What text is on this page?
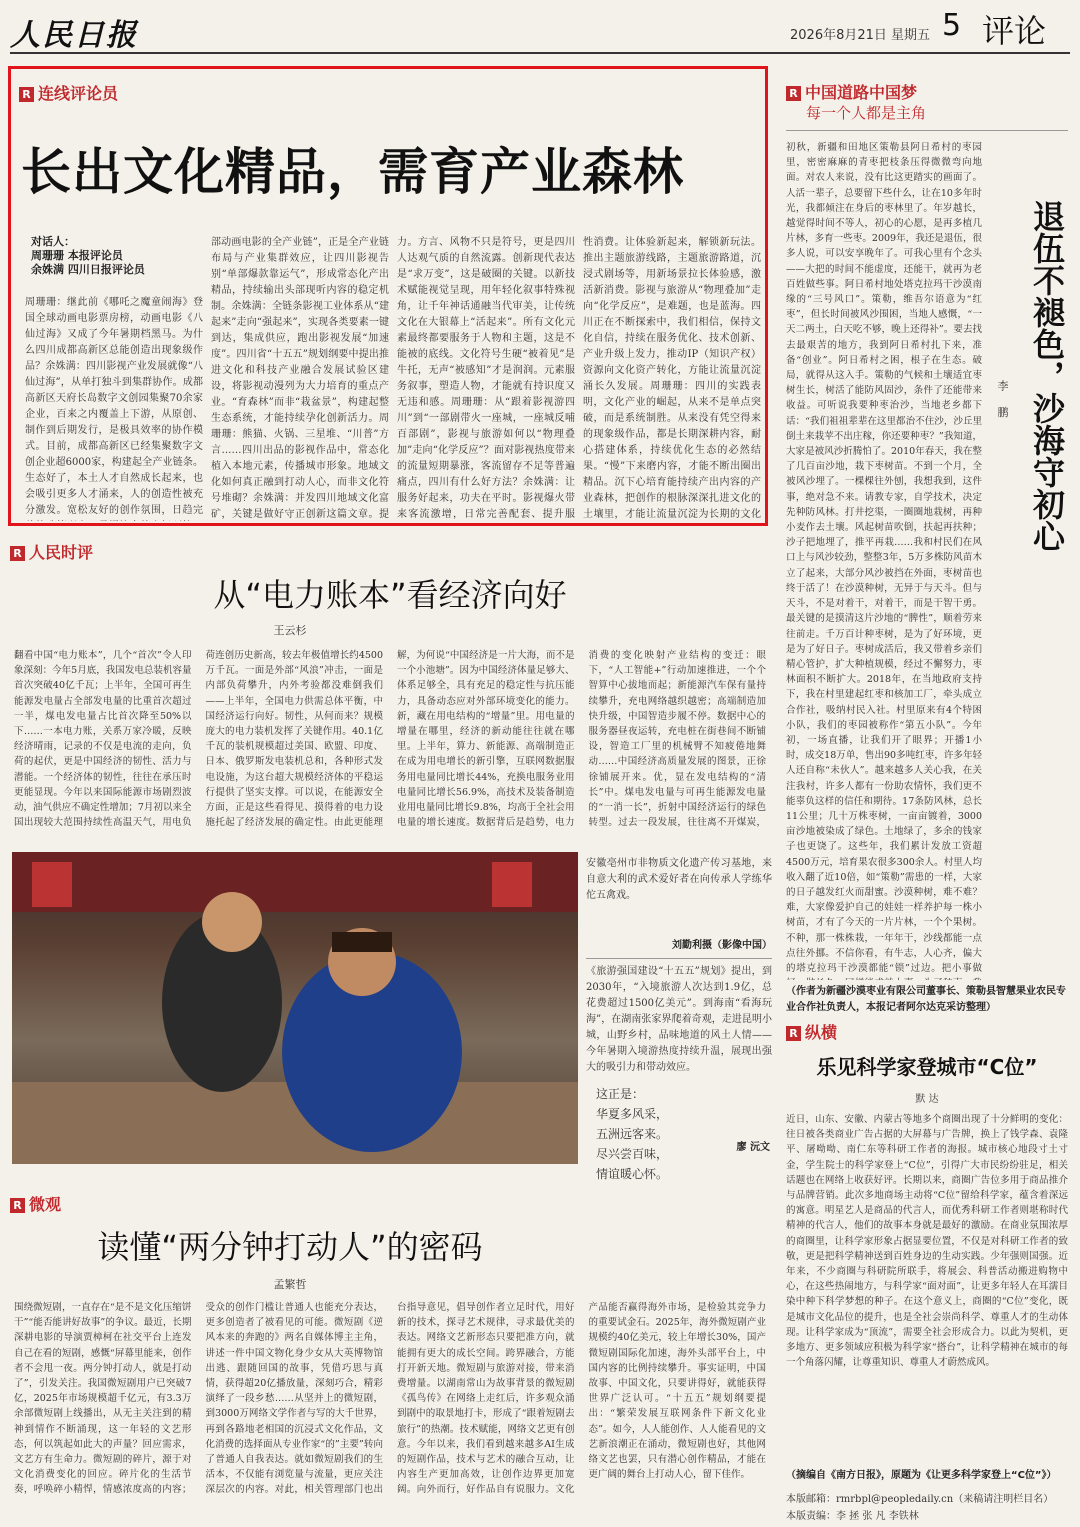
人民日报	2026年8月21日 星期五 5 评论
R 连线评论员
长出文化精品，需育产业森林
对话人：
周珊珊 本报评论员
余姝满 四川日报评论员
周珊珊：继此前《哪吒之魔童闹海》登国全球动画电影票房榜，动画电影《八仙过海》又成了今年暑期档黑马。为什么四川成都高新区总能创造出现象级作品？余姝满：四川影视产业发展就像“八仙过海”，从单打独斗到集群协作。成都高新区天府长岛数字文创园集聚70余家企业，百来之内覆盖上下游，从原创、制作到后期发行，是极具效率的协作模式。目前，成都高新区已经集聚数字文创企业超6000家，构建起全产业链条。生态好了，本土人才自然成长起来，也会吸引更多人才涌来，人的创造性被充分激发。宽松友好的创作氛围，日趋完
部动画电影的全产业链”，正是全产业链布局与产业集群效应，让四川影视告别“单部爆款靠运气”，形成常态化产出精品，持续输出头部现听内容的稳定机制。余姝满：全链条影视工业体系从“建起来”走向“强起来”，实现各类要素一键到达，集成供应，跑出影视发展“加速度”。四川省“十五五”规划纲要中提出推进文化和科技产业融合发展试验区建设，将影视动漫列为大力培育的重点产业。“育森林”而非“栽盆景”，构建起整生态系统，才能持续孕化创新活力。周珊珊：熊猫、火锅、三星堆、“川普”方言……四川出品的影视作品中，常态化植入本地元素，传播城市形象。地域文化如何真正融到打动人心，而非文化符号堆砌？余姝满：并发四川地域文化富矿，关键是做好守正创新这篇文章。提
力。方言、风物不只是符号，更是四川人达观气质的自然流露。创新现代表达是“求万变”，这是破圈的关键。以新技术赋能视觉呈现，用年轻化叙事特殊视角，让千年神话通融当代审美，让传统文化在大银幕上“活起来”。所有文化元素最终都要服务于人物和主题，这是不能被的底线。文化符号生硬“被着见”是牛托，无声“被感知”才是润润。元素服务叙事，塑造人物，才能就有持识度又无违和感。周珊珊：从“跟着影视游四川”到“一部剧带火一座城，一座城反哺百部剧”，影视与旅游如何以“物理叠加”走向“化学反应”？面对影视热度带来的流量短期暴涨，客流留存不足等普遍痛点，四川有什么好方法？余姝满：让服务好起来，功夫在平时。影视爆火带来客流激增，日常完善配套、提升服
性消费。让体验新起来，解锁新玩法。推出主题旅游线路，主题旅游路道，沉浸式剧场等，用新场景拉长体验感，激活新消费。影视与旅游从“物理叠加”走向“化学反应”，是难题，也是蓝海。四川正在不断探索中，我们相信，保持文化自信，持续在服务优化、技术创新、产业升级上发力，推动IP（知识产权）资源向文化资产转化，方能让流量沉淀涌长久发展。周珊珊：四川的实践表明，文化产业的崛起，从来不是单点突破，而是系统制胜。从来没有凭空得来的现象级作品，都是长期深耕内容，耐心搭建体系，持续优化生态的必然结果。“慢”下来磨内容，才能不断出圈出精品。沉下心培育能持续产出内容的产业森林，把创作的根脉深深扎进文化的土壤里，才能让流量沉淀为长期的文化
R 中国道路中国梦
每一个人都是主角
退伍不褪色，沙海守初心
李 鹏
初秋，新疆和田地区策勒县阿日希村的枣园里，密密麻麻的青枣把枝条压得微微弯向地面。对农人来说，没有比这更踏实的画面了。人活一辈子，总要留下些什么，让在10多年时光，我都倾注在身后的枣林里了。年岁越长，越觉得时间不等人，初心的心愿，是再多植几片林，多育一些枣。2009年，我还是退伍，很多人说，可以安享晚年了。可我心里有个念头——大把的时间不能虚度，还能干，就再为老百姓做些事。阿日希村地处塔克拉玛干沙漠南缘的“三号风口”。策勒，维吾尔语意为“红枣”，但长时间被风沙围困，当地人感慨，“一天二两土，白天吃不够，晚上还得补”。要去找去最艰苦的地方，我到阿日希村扎下来，准备“创业”。阿日希村之困，根子在生态。破局，就得从这入手。策勒的气候和土壤适宜枣树生长，树活了能防风固沙，条件了还能带来收益。可听说我要种枣治沙，当地老乡都下话：“我们祖祖辈辈在这里都治不住沙，沙丘里倒土来栽苹不出庄稼，你还要种枣？”我知道，大家是被风沙折腾怕了。2010年春天，我在整了几百亩沙地，栽下枣树苗。不到一个月，全被风沙埋了。一棵棵往外刨，我想我到，这件事，绝对急不来。请教专家，自学技术，决定先种防风林。打井挖渠，一圈圈地栽树，再种小麦作去土壤。风起树苗吹倒，扶起再扶种；沙子把地埋了，推平再栽……我和村民们在风口上与风沙较劲，整整3年，5万多株防风苗木立了起来，大部分风沙被挡在外面，枣树苗也终于活了！在沙漠种树，无异于与天斗。但与天斗，不是对着干，对着干，而是干智干勇。最关键的是摸清这片沙地的“脾性”，顺着劳来往前走。千万百计种枣树，是为了好环境，更是为了好日子。枣树成活后，我又带着乡亲们精心管护，扩大种植规模，经过不懈努力，枣林面积不断扩大。2018年，在当地政府支持下，我在村里建起红枣和核加工厂，牵头成立合作社，吸纳村民入社。村里原来有4个特困小队，我们的枣园被称作“第五小队”。今年初，一场直播，让我们开了眼界；开播1小时，成交18万单，售出90多吨红枣，许多年轻人还自称“未伙人”。越来越多人关心我，在关注我村，许多人都有一份助农情怀，我们更不能辜负这样的信任和期待。17条防风林，总长11公里；几十万株枣树，一亩亩镀着，3000亩沙地被染成了绿色。土地绿了，多余的钱家子也更饶了。这些年，我们累计发放工资超4500万元，培育果农很多300余人。村里人均收入翻了近10倍，如“策勒”需患的一样，大家的日子越发红火而甜蜜。沙漠种树，难不难？难，大家像爱护自己的娃娃一样养护每一株小树苗，才有了今天的一片片林，一个个果树。不种，那一株株栽，一年年干，沙线都能一点点往外挪。不信你看，有牛志，人心齐，偏大的塔克拉玛干沙漠都能“锁”过边。把小事做
（作者为新疆沙漠枣业有限公司董事长、策勒县智慧果业农民专业合作社负责人，本报记者阿尔达克采访整理）
R 人民时评
从“电力账本”看经济向好
王云杉
翻看中国“电力账本”，几个“首次”令人印象深刻：今年5月底，我国发电总装机容量首次突破40亿千瓦；上半年，全国可再生能源发电量占全部发电量的比重首次超过一半，煤电发电量占比首次降至50%以下……一本电力账，关系万家冷暖，反映经济晴雨，记录的不仅是电流的走向，负荷的起伏，更是中国经济的韧性、活力与潜能。一个经济体的韧性，往往在承压时更能显现。今年以来国际能源市场剧烈波动，油气供应不确定性增加；7月初以来全国出现较大范围持续性高温天气，用电负荷连创历史新高，较去年极值增长约4500万千瓦。一面是外部“风浪”冲击，一面是内部负荷攀升，内外考验都没难倒我们——上半年，全国电力供需总体平衡，中国经济运行向好。韧性，从何而来？规模庞大的电力装机发挥了关键作用。40.1亿千瓦的装机规模超过美国、欧盟、印度、日本、俄罗斯发电装机总和，各种形式发电设施，为这台超大规模经济体的平稳运行提供了坚实支撑。可以说，在能源安全方面，正是这些看得见、摸得着的电力设施托起了经济发展的确定性。由此更能理解，为何说“中国经济是一片大海，而不是一个小池塘”。因为中国经济体量足够大、体系足够全，具有充足的稳定性与抗压能力，具备动态应对外部环境变化的能力。新，藏在用电结构的“增量”里。用电量的增量在哪里，经济的新动能往往就在哪里。上半年，算力、新能源、高端制造正在成为用电增长的新引擎，互联网数据服务用电量同比增长44%，充换电服务业用电量同比增长56.9%，高技术及装备制造业用电量同比增长9.8%，均高于全社会用电量的增长速度。数据背后是趋势，电力消费的变化映射产业结构的变迁：眼下，“人工智能+”行动加速推进，一个个智算中心拔地而起；新能源汽车保有量持续攀升，充电网络越织越密；高端制造加快升级，中国智造步履不停。数据中心的服务器昼夜运转，充电桩在街巷间不断铺设，智造工厂里的机械臂不知疲倦地舞动……中国经济高质量发展的图景，正徐徐铺展开来。优，显在发电结构的“清长”中。煤电发电量与可再生能源发电量的“一消一长”，折射中国经济运行的绿色转型。过去一段发展，往往离不开煤炭，
安徽亳州市非物质文化遗产传习基地，来自意大利的武术爱好者在向传承人学练华佗五禽戏。
刘勤利摄（影像中国）
《旅游强国建设“十五五”规划》提出，到2030年，“入境旅游人次达到1.9亿，总花费超过1500亿美元”。到海南“看海玩海”，在湖南张家界爬着奇观，走进昆明小城，山野乡村，品味地道的风土人情——今年暑期入境游热度持续升温，展现出强大的吸引力和带动效应。
这正是：
华夏多风采，
五洲远客来。
尽兴尝百味，
情谊暖心怀。
廖 沅文
R 微观
读懂“两分钟打动人”的密码
孟繁哲
围绕微短剧，一直存在“是不是文化压缩饼干”“能否能讲好故事”的争议。最近，长期深耕电影的导演贾樟柯在社交平台上连发自己在看的短剧，感慨“屏幕里能来，创作者不会甩一夜。两分钟打动人，就是打动了”，引发关注。我国微短剧用户已突破7亿，2025年市场规模超千亿元，有3.3万余部微短剧上线播出，从无主关注到的精神到情作不断涌现，这一年轻的文艺形态，何以筑起如此大的声量？回应需求，文艺方有生命力。微短剧的碎片，源于对文化消费变化的回应。碎片化的生活节奏，呼唤碎小精悍，情感浓度高的内容；受众的创作门槛让普通人也能充分表达，更多创造者了被看见的可能。微短剧《逆风本来的奔跑的》两名自媒体博主主角，讲述一件中国文物化身少女从大英博物馆出逃、跟随回国的故事，凭借巧思与真情，获得超20亿播放量，深刻巧合，精彩演绎了一段乡愁……从坚并上的微短剧，到3000万网络文学作者与写的大千世界，再到各路地老相国的沉浸式文化作品，文化消费的选择面从专业作家“的”主要”转向了普通人自我表达。就如微短剧我们的生活本，不仅能有浏览量与流量，更应关注深层次的内容。对此，相关管理部门也出台指导意见，倡导创作者立足时代，用好新的技术，探寻艺术规律，寻求最优美的表达。网络文艺新形态只要把准方向，就能拥有更大的成长空间。跨界融合，方能打开新天地。微短剧与旅游对接，带来消费增量。以湖南常山为故事背景的微短剧《孤鸟传》在网络上走红后，许多观众涌到剧中的取景地打卡，形成了“跟着短剧去旅行”的热潮。技术赋能，网络文艺更有创意。今年以来，我们看到越来越多AI生成的短剧作品，技术与艺术的融合互动，让内容生产更加高效，让创作边界更加宽阔。向外而行，好作品自有说服力。文化产品能否赢得海外市场，是检验其竞争力的重要试金石。2025年，海外微短剧产业规模约40亿美元，较上年增长30%，国产微短剧国际化加速，海外头部平台上，中国内容的比例持续攀升。事实证明，中国故事、中国文化，只要讲得好，就能获得世界广泛认可。“十五五”规划纲要提出：“繁荣发展互联网条件下新文化业态”。如今，人人能创作、人人能看见的文艺新浪潮正在涌动，微短剧也好，其他网络文艺也罢，只有潜心创作精品，才能在更广阔的舞台上打动人心，留下佳作。
R 纵横
乐见科学家登城市“C位”
默 达
近日，山东、安徽、内蒙古等地多个商圈出现了十分鲜明的变化：往日被各类商业广告占据的大屏幕与广告牌，换上了钱学森、袁隆平、屠呦呦、南仁东等科研工作者的海报。城市核心地段寸土寸金，学生院士的科学家登上“C位”，引得广大市民纷纷驻足，相关话题也在网络上收获好评。长期以来，商圈广告位多用于商品推介与品牌营销。此次多地商场主动将“C位”留给科学家，蕴含着深远的寓意。明星艺人是商品的代言人，而优秀科研工作者则堪称时代精神的代言人，他们的故事本身就是最好的激励。在商业氛围浓厚的商圈里，让科学家形象占据显要位置，不仅是对科研工作者的致敬，更是把科学精神送到百姓身边的生动实践。少年强则国强。近年来，不少商圈与科研院所联手，将展会、科普活动搬进购物中心，在这些热闹地方，与科学家“面对面”，让更多年轻人在耳濡目染中种下科学梦想的种子。在这个意义上，商圈的“C位”变化，既是城市文化品位的提升，也是全社会崇尚科学、尊重人才的生动体现。让科学家成为“顶流”，需要全社会形成合力。以此为契机，更多地方、更多领域应积极为科学家“搭台”，让科学精神在城市的每一个角落闪耀，让尊重知识、尊重人才蔚然成风。
（摘编自《南方日报》，原题为《让更多科学家登上“C位”》）
本版邮箱：rmrbpl@peopledaily.cn（来稿请注明栏目名）
本版责编：李 拯 张 凡 李铁林
